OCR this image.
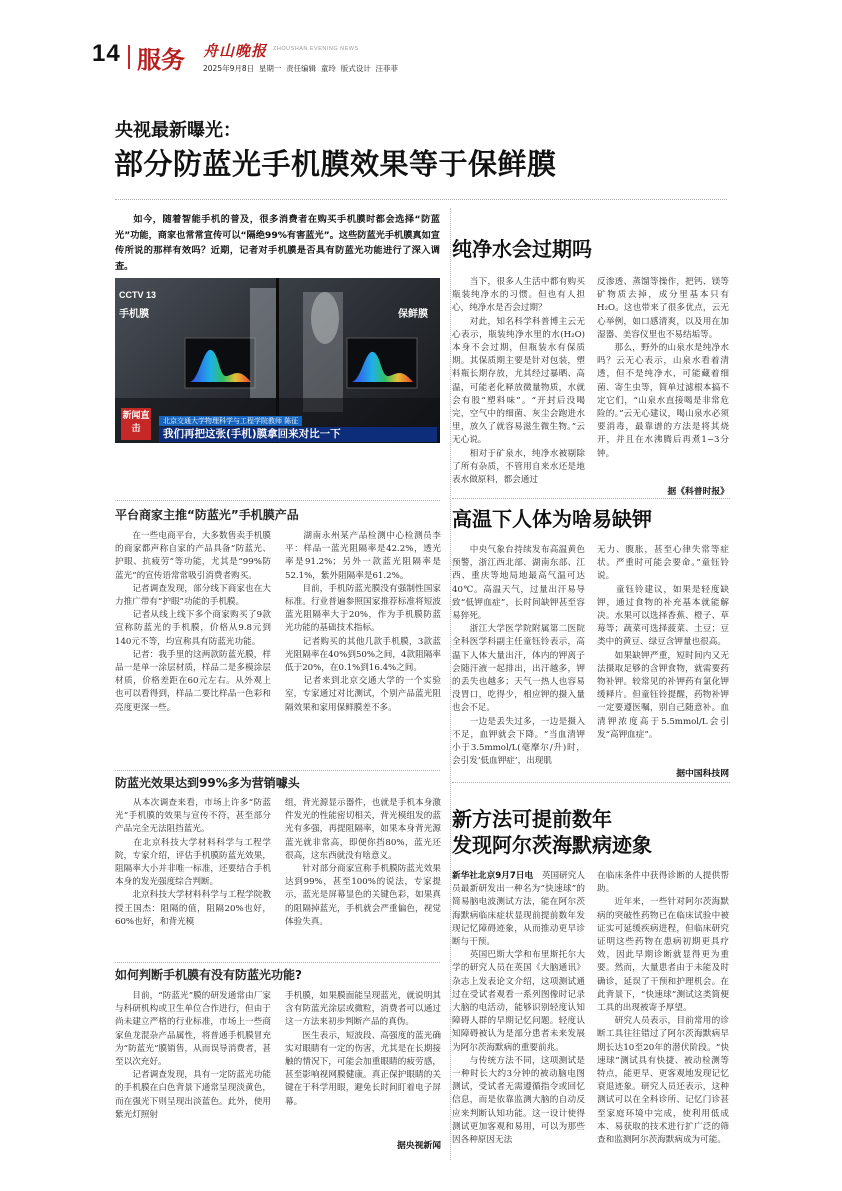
14 服务 舟山晚报 ZHOUSHAN EVENING NEWS
2025年9月8日  星期一  责任编辑  童玲  版式设计  汪菲菲
央视最新曝光：
部分防蓝光手机膜效果等于保鲜膜
如今，随着智能手机的普及，很多消费者在购买手机膜时都会选择“防蓝光”功能，商家也常常宣传可以“隔绝99%有害蓝光”。这些防蓝光手机膜真如宣传所说的那样有效吗？近期，记者对手机膜是否具有防蓝光功能进行了深入调查。
CCTV 13
手机膜	保鲜膜
新闻直击
北京交通大学物理科学与工程学院教师 陈征
我们再把这张(手机)膜拿回来对比一下
平台商家主推“防蓝光”手机膜产品
　　在一些电商平台，大多数售卖手机膜的商家都声称自家的产品具备“防蓝光、护眼、抗疲劳”等功能，尤其是“99%防蓝光”的宣传语常常吸引消费者购买。
　　记者调查发现，部分线下商家也在大力推广带有“护眼”功能的手机膜。
　　记者从线上线下多个商家购买了9款宣称防蓝光的手机膜，价格从9.8元到140元不等，均宣称具有防蓝光功能。
　　记者：我手里的这两款防蓝光膜，样品一是单一涂层材质，样品二是多模涂层材质，价格差距在60元左右。从外观上也可以看得到，样品二要比样品一色彩和亮度更深一些。
　　湖南永州某产品检测中心检测员李平：样品一蓝光阻隔率是42.2%，透光率是91.2%；另外一款蓝光阻隔率是52.1%，紫外阻隔率是61.2%。
　　目前，手机防蓝光膜没有强制性国家标准。行业普遍参照国家推荐标准将短波蓝光阻隔率大于20%，作为手机膜防蓝光功能的基础技术指标。
　　记者购买的其他几款手机膜，3款蓝光阻隔率在40%到50%之间，4款阻隔率低于20%，在0.1%到16.4%之间。
　　记者来到北京交通大学的一个实验室，专家通过对比测试，个别产品蓝光阻隔效果和家用保鲜膜差不多。
防蓝光效果达到99%多为营销噱头
　　从本次调查来看，市场上许多“防蓝光”手机膜的效果与宣传不符，甚至部分产品完全无法阻挡蓝光。
　　在北京科技大学材料科学与工程学院，专家介绍，评估手机膜防蓝光效果，阻隔率大小并非唯一标准，还要结合手机本身的发光强度综合判断。
　　北京科技大学材料科学与工程学院教授王国杰：阻隔的值，阻隔20%也好，60%也好，和背光模
组，背光源显示器件，也就是手机本身激件发光的性能密切相关，背光模组发的蓝光有多强，再提阻隔率，如果本身背光源蓝光就非常高，即便你挡80%，蓝光还很高，这东西就没有啥意义。
　　针对部分商家宣称手机膜防蓝光效果达到99%，甚至100%的说法，专家提示，蓝光是屏幕显色的关键色彩，如果真的阻隔掉蓝光，手机就会严重偏色，视觉体验失真。
如何判断手机膜有没有防蓝光功能?
　　目前，“防蓝光”膜的研发通常由厂家与科研机构或卫生单位合作进行，但由于尚未建立严格的行业标准，市场上一些商家鱼龙混杂产品属性，将普通手机膜冒充为“防蓝光”膜销售，从而误导消费者，甚至以次充好。
　　记者调查发现，具有一定防蓝光功能的手机膜在白色背景下通常呈现淡黄色，而在强光下则呈现出淡蓝色。此外，使用紫光灯照射
手机膜，如果膜面能呈现蓝光，就说明其含有防蓝光涂层或微粒，消费者可以通过这一方法来初步判断产品的真伪。
　　医生表示，短波段、高强度的蓝光确实对眼睛有一定的伤害，尤其是在长期接触的情况下，可能会加重眼睛的疲劳感，甚至影响视网膜健康。真正保护眼睛的关键在于科学用眼，避免长时间盯着电子屏幕。
据央视新闻
纯净水会过期吗
　　当下，很多人生活中都有购买瓶装纯净水的习惯。但也有人担心，纯净水是否会过期？
　　对此，知名科学科普博主云无心表示，瓶装纯净水里的水(H₂O)本身不会过期，但瓶装水有保质期。其保质期主要是针对包装，塑料瓶长期存放，尤其经过暴晒、高温，可能老化释放微量物质，水就会有股“塑料味”。“开封后没喝完，空气中的细菌、灰尘会跑进水里，放久了就容易滋生微生物。”云无心说。
　　相对于矿泉水，纯净水被剔除了所有杂质，不管用自来水还是地表水做原料，都会通过
反渗透、蒸馏等操作，把钙、镁等矿物质去掉，成分里基本只有H₂O。这也带来了很多优点，云无心举例，如口感清爽，以及用在加湿器、美容仪里也不易结垢等。
　　那么，野外的山泉水是纯净水吗？云无心表示，山泉水看着清透，但不是纯净水，可能藏着细菌、寄生虫等，简单过滤根本搞不定它们，“山泉水直接喝是非常危险的。”云无心建议，喝山泉水必须要消毒，最靠谱的方法是将其烧开，并且在水沸腾后再煮1~3分钟。
据《科普时报》
高温下人体为啥易缺钾
　　中央气象台持续发布高温黄色预警，浙江西北部、湖南东部、江西、重庆等地局地最高气温可达40℃。高温天气，过量出汗易导致“低钾血症”，长时间缺钾甚至容易猝死。
　　浙江大学医学院附属第二医院全科医学科副主任童钰铃表示，高温下人体大量出汗，体内的钾离子会随汗液一起排出，出汗越多，钾的丢失也越多；天气一热人也容易没胃口，吃得少，相应钾的摄入量也会不足。
　　一边是丢失过多，一边是摄入不足，血钾就会下降。“当血清钾小于3.5mmol/L(毫摩尔/升)时，会引发‘低血钾症’，出现肌
无力、腹胀，甚至心律失常等症状。严重时可能会要命。”童钰铃说。
　　童钰铃建议，如果是轻度缺钾，通过食物的补充基本就能解决。水果可以选择香蕉、橙子、草莓等；蔬菜可选择菠菜、土豆；豆类中的黄豆、绿豆含钾量也很高。
　　如果缺钾严重，短时间内又无法摄取足够的含钾食物，就需要药物补钾。较常见的补钾药有氯化钾缓释片。但童钰铃提醒，药物补钾一定要遵医嘱，别自己随意补。血清钾浓度高于5.5mmol/L会引发“高钾血症”。
据中国科技网
新方法可提前数年
发现阿尔茨海默病迹象
新华社北京9月7日电　英国研究人员最新研发出一种名为“快速球”的简易脑电波测试方法，能在阿尔茨海默病临床症状显现前提前数年发现记忆障碍迹象，从而推动更早诊断与干预。
　　英国巴斯大学和布里斯托尔大学的研究人员在英国《大脑通讯》杂志上发表论文介绍，这项测试通过在受试者观看一系列图像时记录大脑的电活动，能够识别轻度认知障碍人群的早期记忆问题。轻度认知障碍被认为是部分患者未来发展为阿尔茨海默病的重要前兆。
　　与传统方法不同，这项测试是一种时长大约3分钟的被动脑电图测试，受试者无需遵循指令或回忆信息，而是依靠监测大脑的自动反应来判断认知功能。这一设计使得测试更加客观和易用，可以为那些因各种原因无法
在临床条件中获得诊断的人提供帮助。
　　近年来，一些针对阿尔茨海默病的突破性药物已在临床试验中被证实可延缓疾病进程，但临床研究证明这些药物在患病初期更具疗效，因此早期诊断就显得更为重要。然而，大量患者由于未能及时确诊，延误了干预和护理机会。在此背景下，“快速球”测试这类简便工具的出现被寄予厚望。
　　研究人员表示，目前常用的诊断工具往往错过了阿尔茨海默病早期长达10至20年的潜伏阶段。“快速球”测试具有快捷、被动检测等特点，能更早、更客观地发现记忆衰退迹象。研究人员还表示，这种测试可以在全科诊所、记忆门诊甚至家庭环境中完成，使利用低成本、易获取的技术进行扩广泛的筛查和监测阿尔茨海默病成为可能。
